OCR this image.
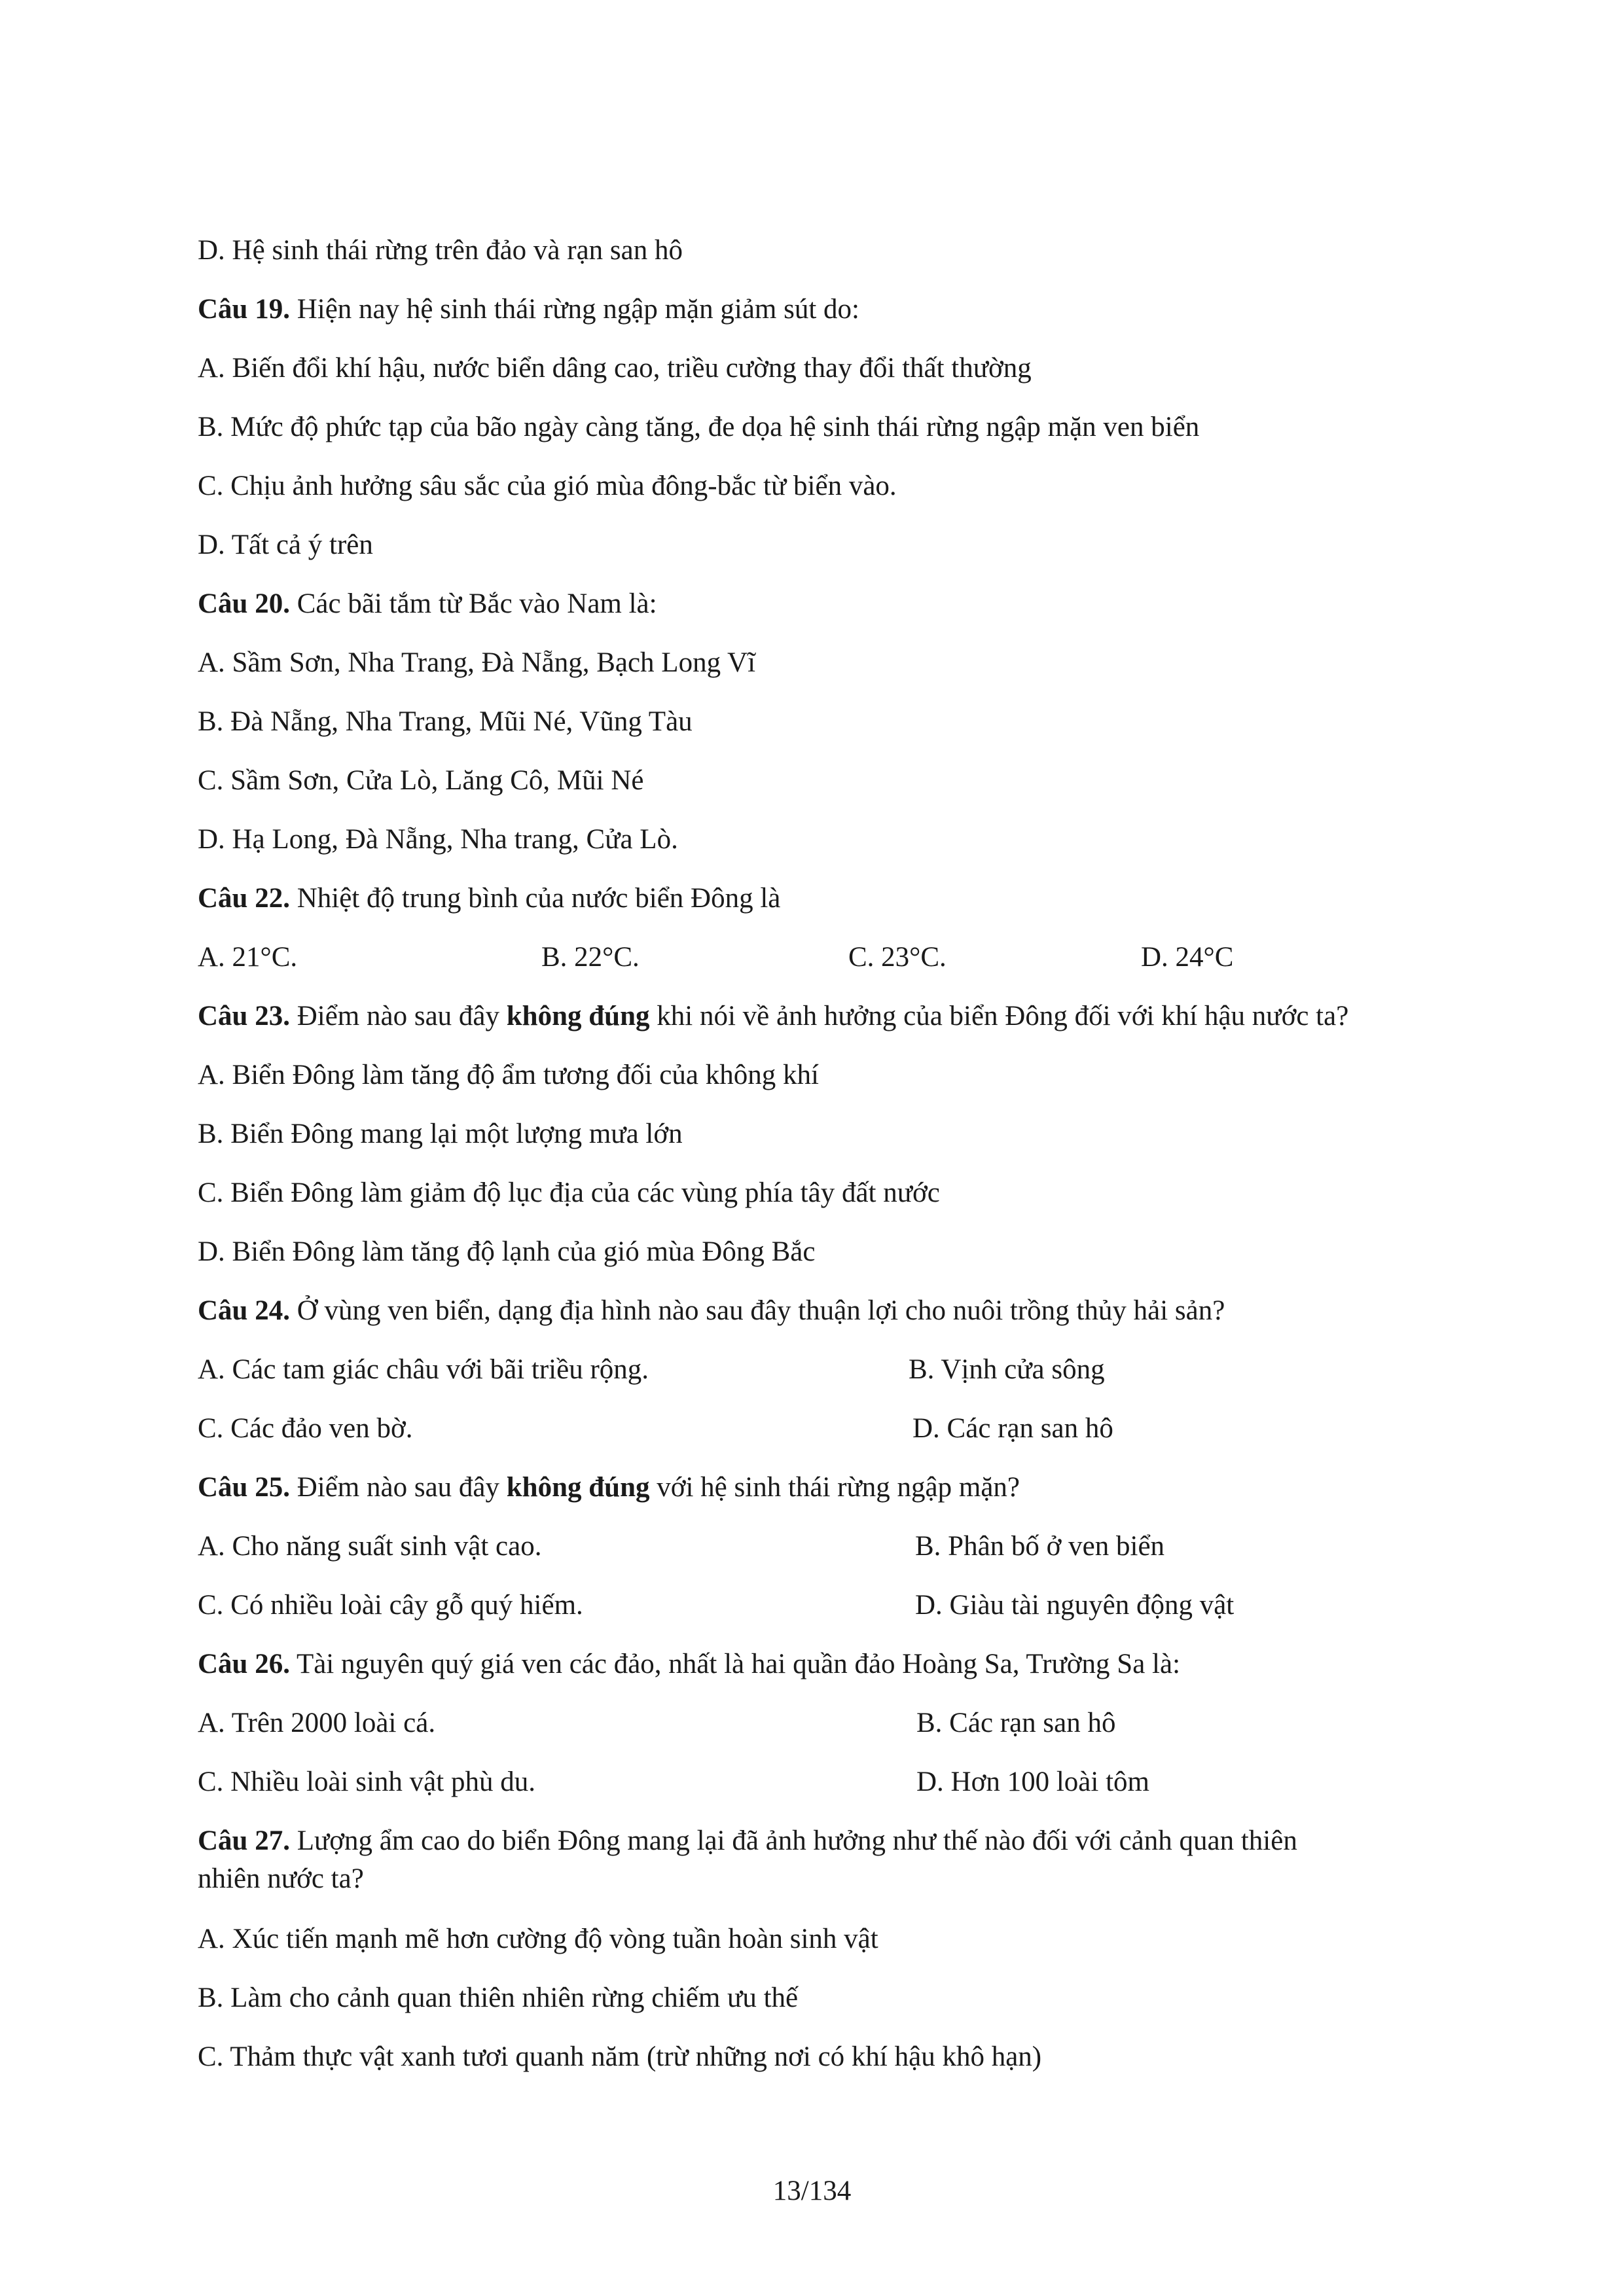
D. Hệ sinh thái rừng trên đảo và rạn san hô
Câu 19. Hiện nay hệ sinh thái rừng ngập mặn giảm sút do:
A. Biến đổi khí hậu, nước biển dâng cao, triều cường thay đổi thất thường
B. Mức độ phức tạp của bão ngày càng tăng, đe dọa hệ sinh thái rừng ngập mặn ven biển
C. Chịu ảnh hưởng sâu sắc của gió mùa đông-bắc từ biển vào.
D. Tất cả ý trên
Câu 20. Các bãi tắm từ Bắc vào Nam là:
A. Sầm Sơn, Nha Trang, Đà Nẵng, Bạch Long Vĩ
B. Đà Nẵng, Nha Trang, Mũi Né, Vũng Tàu
C. Sầm Sơn, Cửa Lò, Lăng Cô, Mũi Né
D. Hạ Long, Đà Nẵng, Nha trang, Cửa Lò.
Câu 22. Nhiệt độ trung bình của nước biển Đông là
A. 21°C.	B. 22°C.	C. 23°C.	D. 24°C
Câu 23. Điểm nào sau đây không đúng khi nói về ảnh hưởng của biển Đông đối với khí hậu nước ta?
A. Biển Đông làm tăng độ ẩm tương đối của không khí
B. Biển Đông mang lại một lượng mưa lớn
C. Biển Đông làm giảm độ lục địa của các vùng phía tây đất nước
D. Biển Đông làm tăng độ lạnh của gió mùa Đông Bắc
Câu 24. Ở vùng ven biển, dạng địa hình nào sau đây thuận lợi cho nuôi trồng thủy hải sản?
A. Các tam giác châu với bãi triều rộng.	B. Vịnh cửa sông
C. Các đảo ven bờ.	D. Các rạn san hô
Câu 25. Điểm nào sau đây không đúng với hệ sinh thái rừng ngập mặn?
A. Cho năng suất sinh vật cao.	B. Phân bố ở ven biển
C. Có nhiều loài cây gỗ quý hiếm.	D. Giàu tài nguyên động vật
Câu 26. Tài nguyên quý giá ven các đảo, nhất là hai quần đảo Hoàng Sa, Trường Sa là:
A. Trên 2000 loài cá.	B. Các rạn san hô
C. Nhiều loài sinh vật phù du.	D. Hơn 100 loài tôm
Câu 27. Lượng ẩm cao do biển Đông mang lại đã ảnh hưởng như thế nào đối với cảnh quan thiên
nhiên nước ta?
A. Xúc tiến mạnh mẽ hơn cường độ vòng tuần hoàn sinh vật
B. Làm cho cảnh quan thiên nhiên rừng chiếm ưu thế
C. Thảm thực vật xanh tươi quanh năm (trừ những nơi có khí hậu khô hạn)
13/134
